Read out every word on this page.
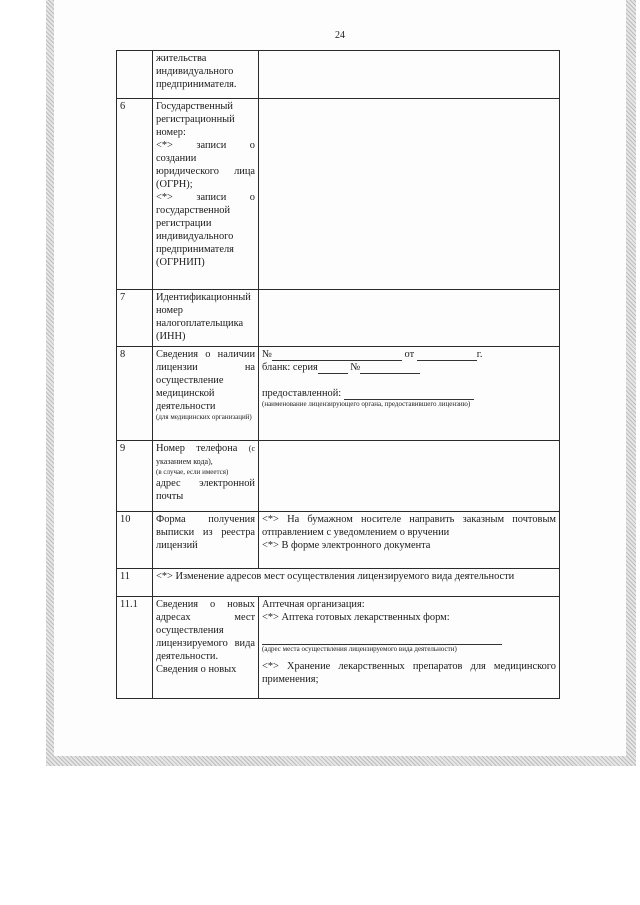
24
	жительства индивидуального предпринимателя.	
6	Государственный регистрационный номер:
<*> записи о создании юридического лица (ОГРН);
<*> записи о государственной регистрации индивидуального предпринимателя (ОГРНИП)	

7	Идентификационный номер налогоплательщика (ИНН)	
8	Сведения о наличии лицензии на осуществление медицинской деятельности
(для медицинских организаций)	№ от г.
бланк: серия №
предоставленной:
(наименование лицензирующего органа, предоставившего лицензию)

9	Номер телефона (с указанием кода),
(в случае, если имеется)
адрес электронной почты	

10	Форма получения выписки из реестра лицензий	<*> На бумажном носителе направить заказным почтовым отправлением с уведомлением о вручении
<*> В форме электронного документа

11	<*> Изменение адресов мест осуществления лицензируемого вида деятельности	
11.1	Сведения о новых адресах мест осуществления лицензируемого вида деятельности. Сведения о новых	Аптечная организация:
<*> Аптека готовых лекарственных форм:
(адрес места осуществления лицензируемого вида деятельности)
<*> Хранение лекарственных препаратов для медицинского применения;
